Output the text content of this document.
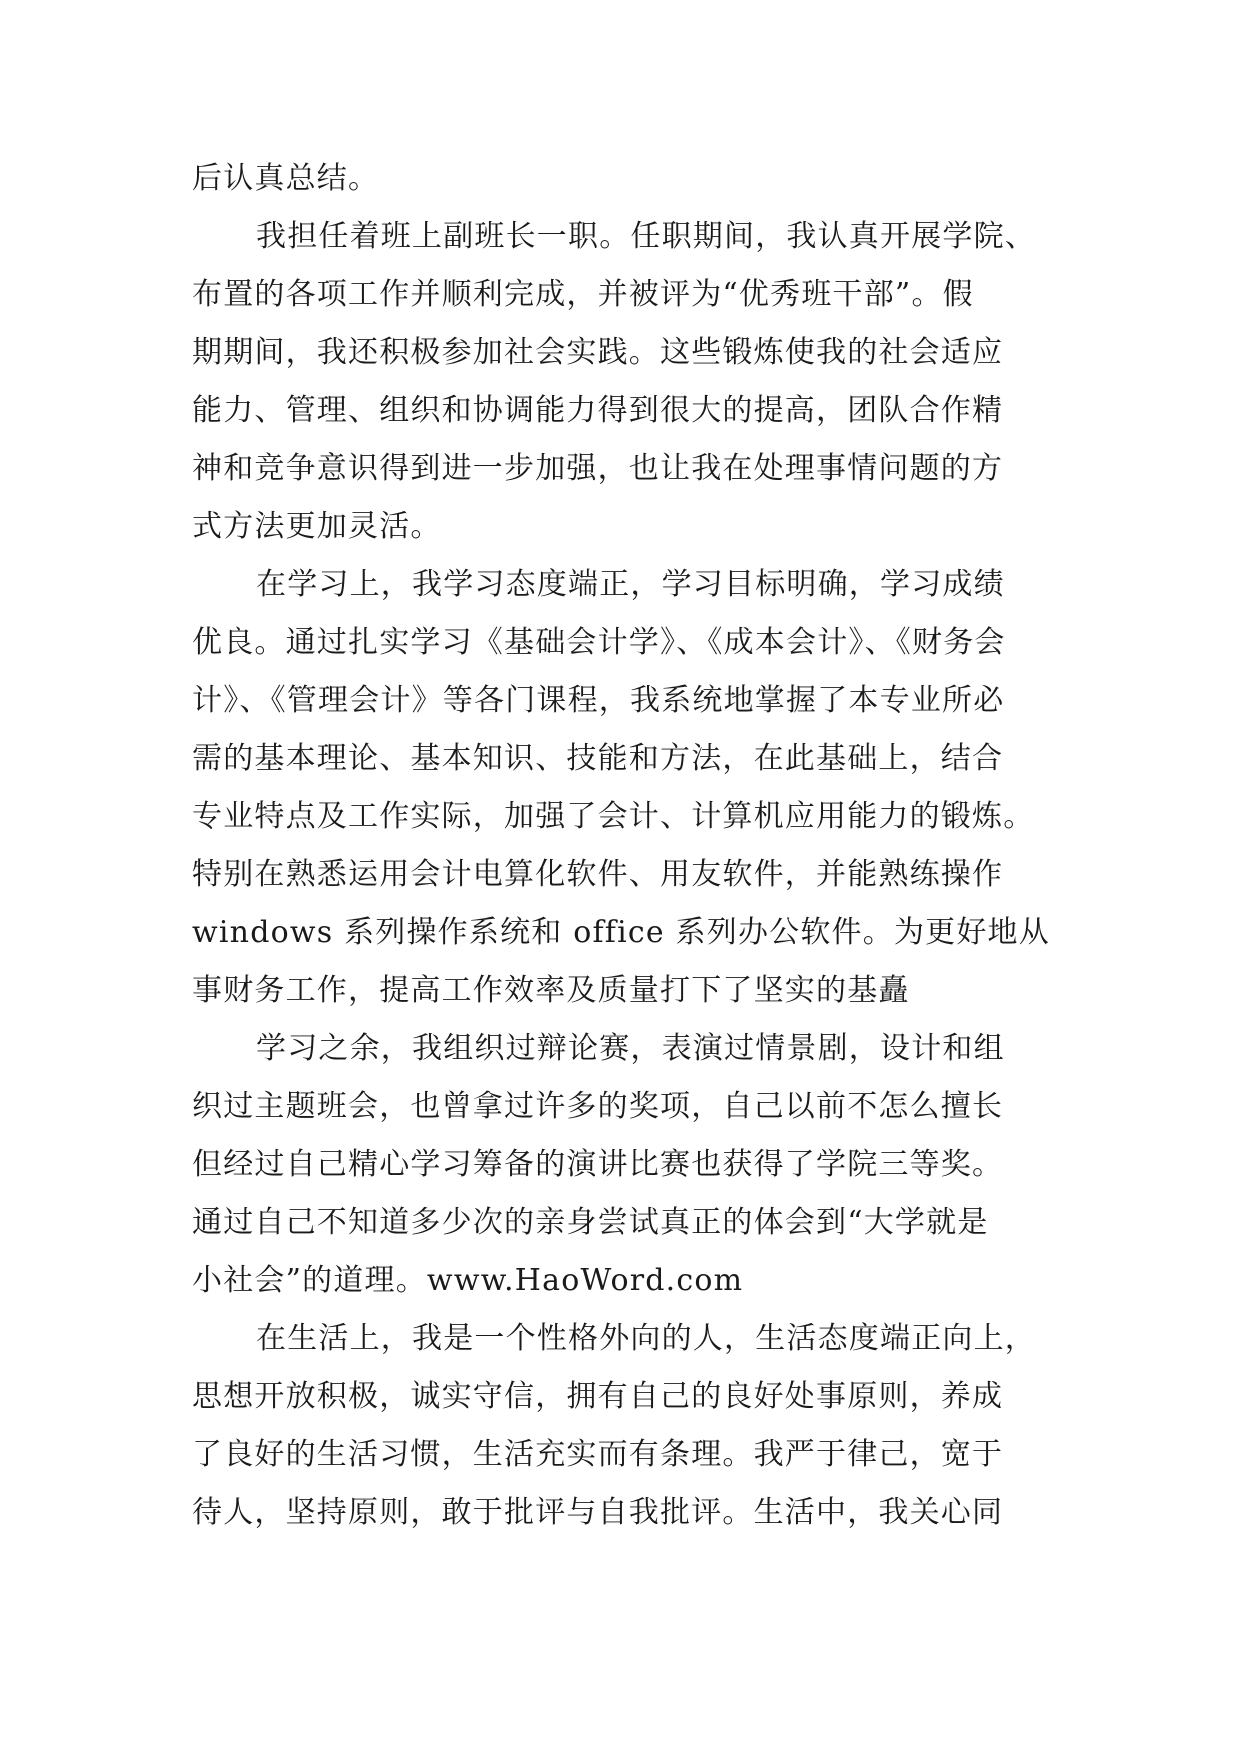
后认真总结。
我担任着班上副班长一职。任职期间，我认真开展学院、
布置的各项工作并顺利完成，并被评为“优秀班干部”。假
期期间，我还积极参加社会实践。这些锻炼使我的社会适应
能力、管理、组织和协调能力得到很大的提高，团队合作精
神和竞争意识得到进一步加强，也让我在处理事情问题的方
式方法更加灵活。
在学习上，我学习态度端正，学习目标明确，学习成绩
优良。通过扎实学习《基础会计学》、《成本会计》、《财务会
计》、《管理会计》等各门课程，我系统地掌握了本专业所必
需的基本理论、基本知识、技能和方法，在此基础上，结合
专业特点及工作实际，加强了会计、计算机应用能力的锻炼。
特别在熟悉运用会计电算化软件、用友软件，并能熟练操作
windows 系列操作系统和 office 系列办公软件。为更好地从
事财务工作，提高工作效率及质量打下了坚实的基矗
学习之余，我组织过辩论赛，表演过情景剧，设计和组
织过主题班会，也曾拿过许多的奖项，自己以前不怎么擅长
但经过自己精心学习筹备的演讲比赛也获得了学院三等奖。
通过自己不知道多少次的亲身尝试真正的体会到“大学就是
小社会”的道理。www.HaoWord.com
在生活上，我是一个性格外向的人，生活态度端正向上，
思想开放积极，诚实守信，拥有自己的良好处事原则，养成
了良好的生活习惯，生活充实而有条理。我严于律己，宽于
待人，坚持原则，敢于批评与自我批评。生活中，我关心同
